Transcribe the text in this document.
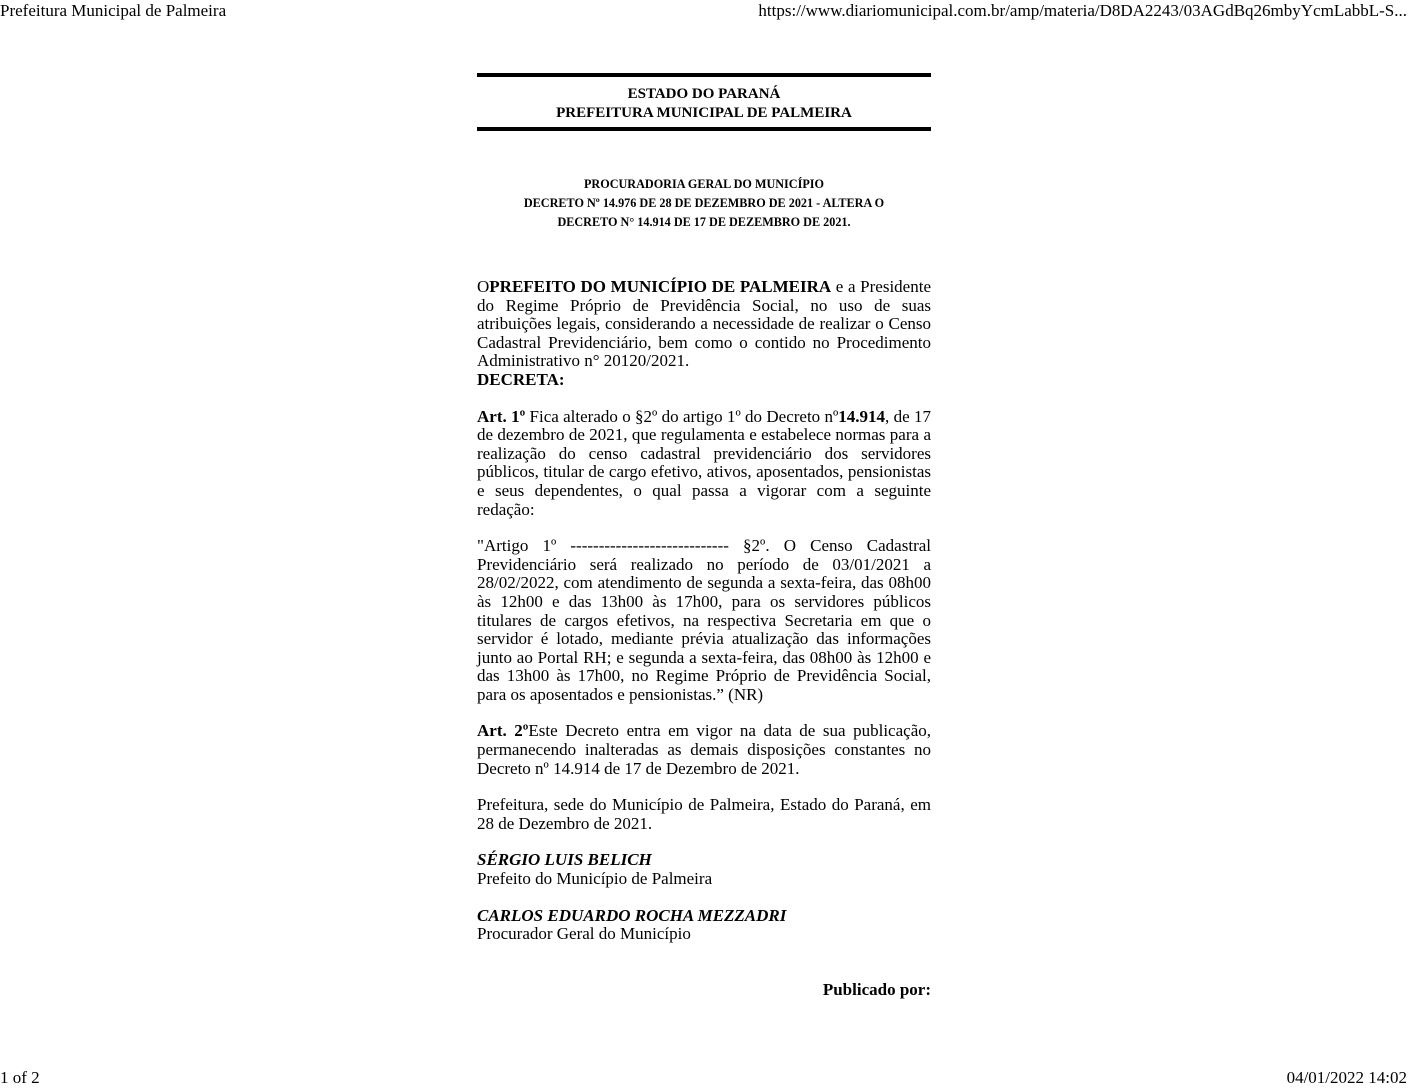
Prefeitura Municipal de Palmeira	https://www.diariomunicipal.com.br/amp/materia/D8DA2243/03AGdBq26mbyYcmLabbL-S...
ESTADO DO PARANÁ
PREFEITURA MUNICIPAL DE PALMEIRA
PROCURADORIA GERAL DO MUNICÍPIO
DECRETO Nº 14.976 DE 28 DE DEZEMBRO DE 2021 - ALTERA O
DECRETO N° 14.914 DE 17 DE DEZEMBRO DE 2021.

OPREFEITO DO MUNICÍPIO DE PALMEIRA e a Presidente do Regime Próprio de Previdência Social, no uso de suas atribuições legais, considerando a necessidade de realizar o Censo Cadastral Previdenciário, bem como o contido no Procedimento Administrativo n° 20120/2021.

DECRETA:

Art. 1º Fica alterado o §2º do artigo 1º do Decreto nº14.914, de 17 de dezembro de 2021, que regulamenta e estabelece normas para a realização do censo cadastral previdenciário dos servidores públicos, titular de cargo efetivo, ativos, aposentados, pensionistas e seus dependentes, o qual passa a vigorar com a seguinte redação:

"Artigo 1º ---------------------------- §2º. O Censo Cadastral Previdenciário será realizado no período de 03/01/2021 a 28/02/2022, com atendimento de segunda a sexta-feira, das 08h00 às 12h00 e das 13h00 às 17h00, para os servidores públicos titulares de cargos efetivos, na respectiva Secretaria em que o servidor é lotado, mediante prévia atualização das informações junto ao Portal RH; e segunda a sexta-feira, das 08h00 às 12h00 e das 13h00 às 17h00, no Regime Próprio de Previdência Social, para os aposentados e pensionistas.” (NR)

Art. 2ºEste Decreto entra em vigor na data de sua publicação, permanecendo inalteradas as demais disposições constantes no Decreto nº 14.914 de 17 de Dezembro de 2021.

Prefeitura, sede do Município de Palmeira, Estado do Paraná, em 28 de Dezembro de 2021.

SÉRGIO LUIS BELICH
Prefeito do Município de Palmeira
CARLOS EDUARDO ROCHA MEZZADRI
Procurador Geral do Município
Publicado por:
1 of 2	04/01/2022 14:02
